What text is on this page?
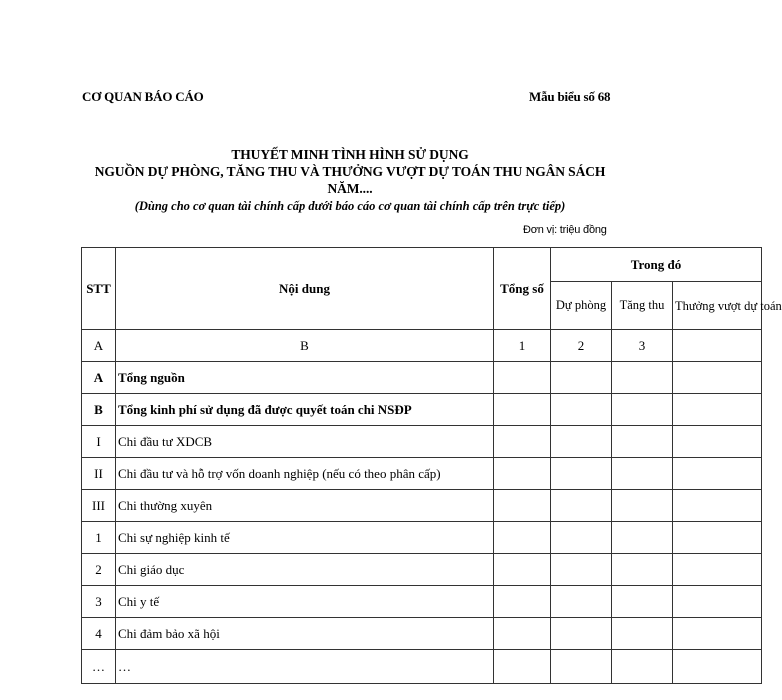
CƠ QUAN BÁO CÁO	Mẫu biểu số 68
THUYẾT MINH TÌNH HÌNH SỬ DỤNG
NGUỒN DỰ PHÒNG, TĂNG THU VÀ THƯỞNG VƯỢT DỰ TOÁN THU NGÂN SÁCH
NĂM....
(Dùng cho cơ quan tài chính cấp dưới báo cáo cơ quan tài chính cấp trên trực tiếp)
Đơn vị: triệu đồng
STT	Nội dung	Tổng số	Trong đó		
			Dự phòng	Tăng thu	Thưởng vượt dự toán
A	B	1	2	3	
A	Tổng nguồn				
B	Tổng kinh phí sử dụng đã được quyết toán chi NSĐP				
I	Chi đầu tư XDCB				
II	Chi đầu tư và hỗ trợ vốn doanh nghiệp (nếu có theo phân cấp)				
III	Chi thường xuyên				
1	Chi sự nghiệp kinh tế				
2	Chi giáo dục				
3	Chi y tế				
4	Chi đảm bảo xã hội				
…	…				
